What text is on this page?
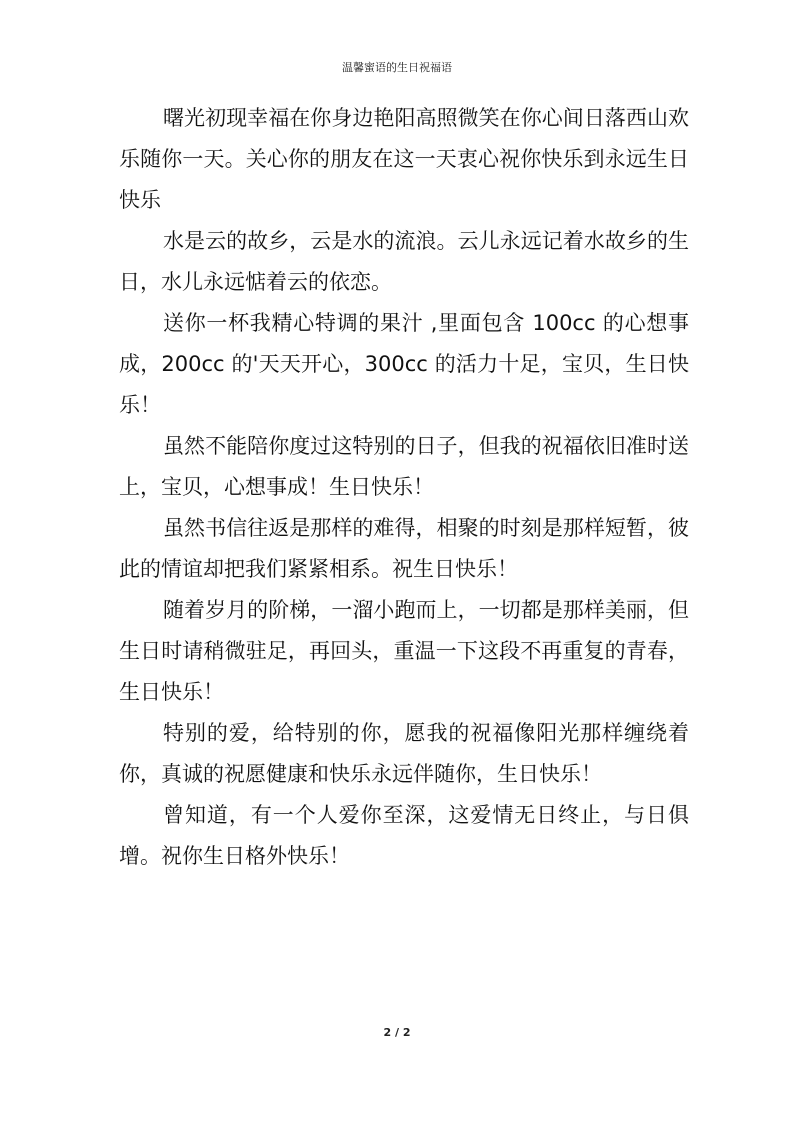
温馨蜜语的生日祝福语

曙光初现幸福在你身边艳阳高照微笑在你心间日落西山欢乐随你一天。关心你的朋友在这一天衷心祝你快乐到永远生日快乐

水是云的故乡，云是水的流浪。云儿永远记着水故乡的生日，水儿永远惦着云的依恋。

送你一杯我精心特调的果汁 ,里面包含 100cc 的心想事成，200cc 的'天天开心，300cc 的活力十足，宝贝，生日快乐！

虽然不能陪你度过这特别的日子，但我的祝福依旧准时送上，宝贝，心想事成！生日快乐！

虽然书信往返是那样的难得，相聚的时刻是那样短暂，彼此的情谊却把我们紧紧相系。祝生日快乐！

随着岁月的阶梯，一溜小跑而上，一切都是那样美丽，但生日时请稍微驻足，再回头，重温一下这段不再重复的青春，生日快乐！

特别的爱，给特别的你，愿我的祝福像阳光那样缠绕着你，真诚的祝愿健康和快乐永远伴随你，生日快乐！

曾知道，有一个人爱你至深，这爱情无日终止，与日俱增。祝你生日格外快乐！

2 / 2
